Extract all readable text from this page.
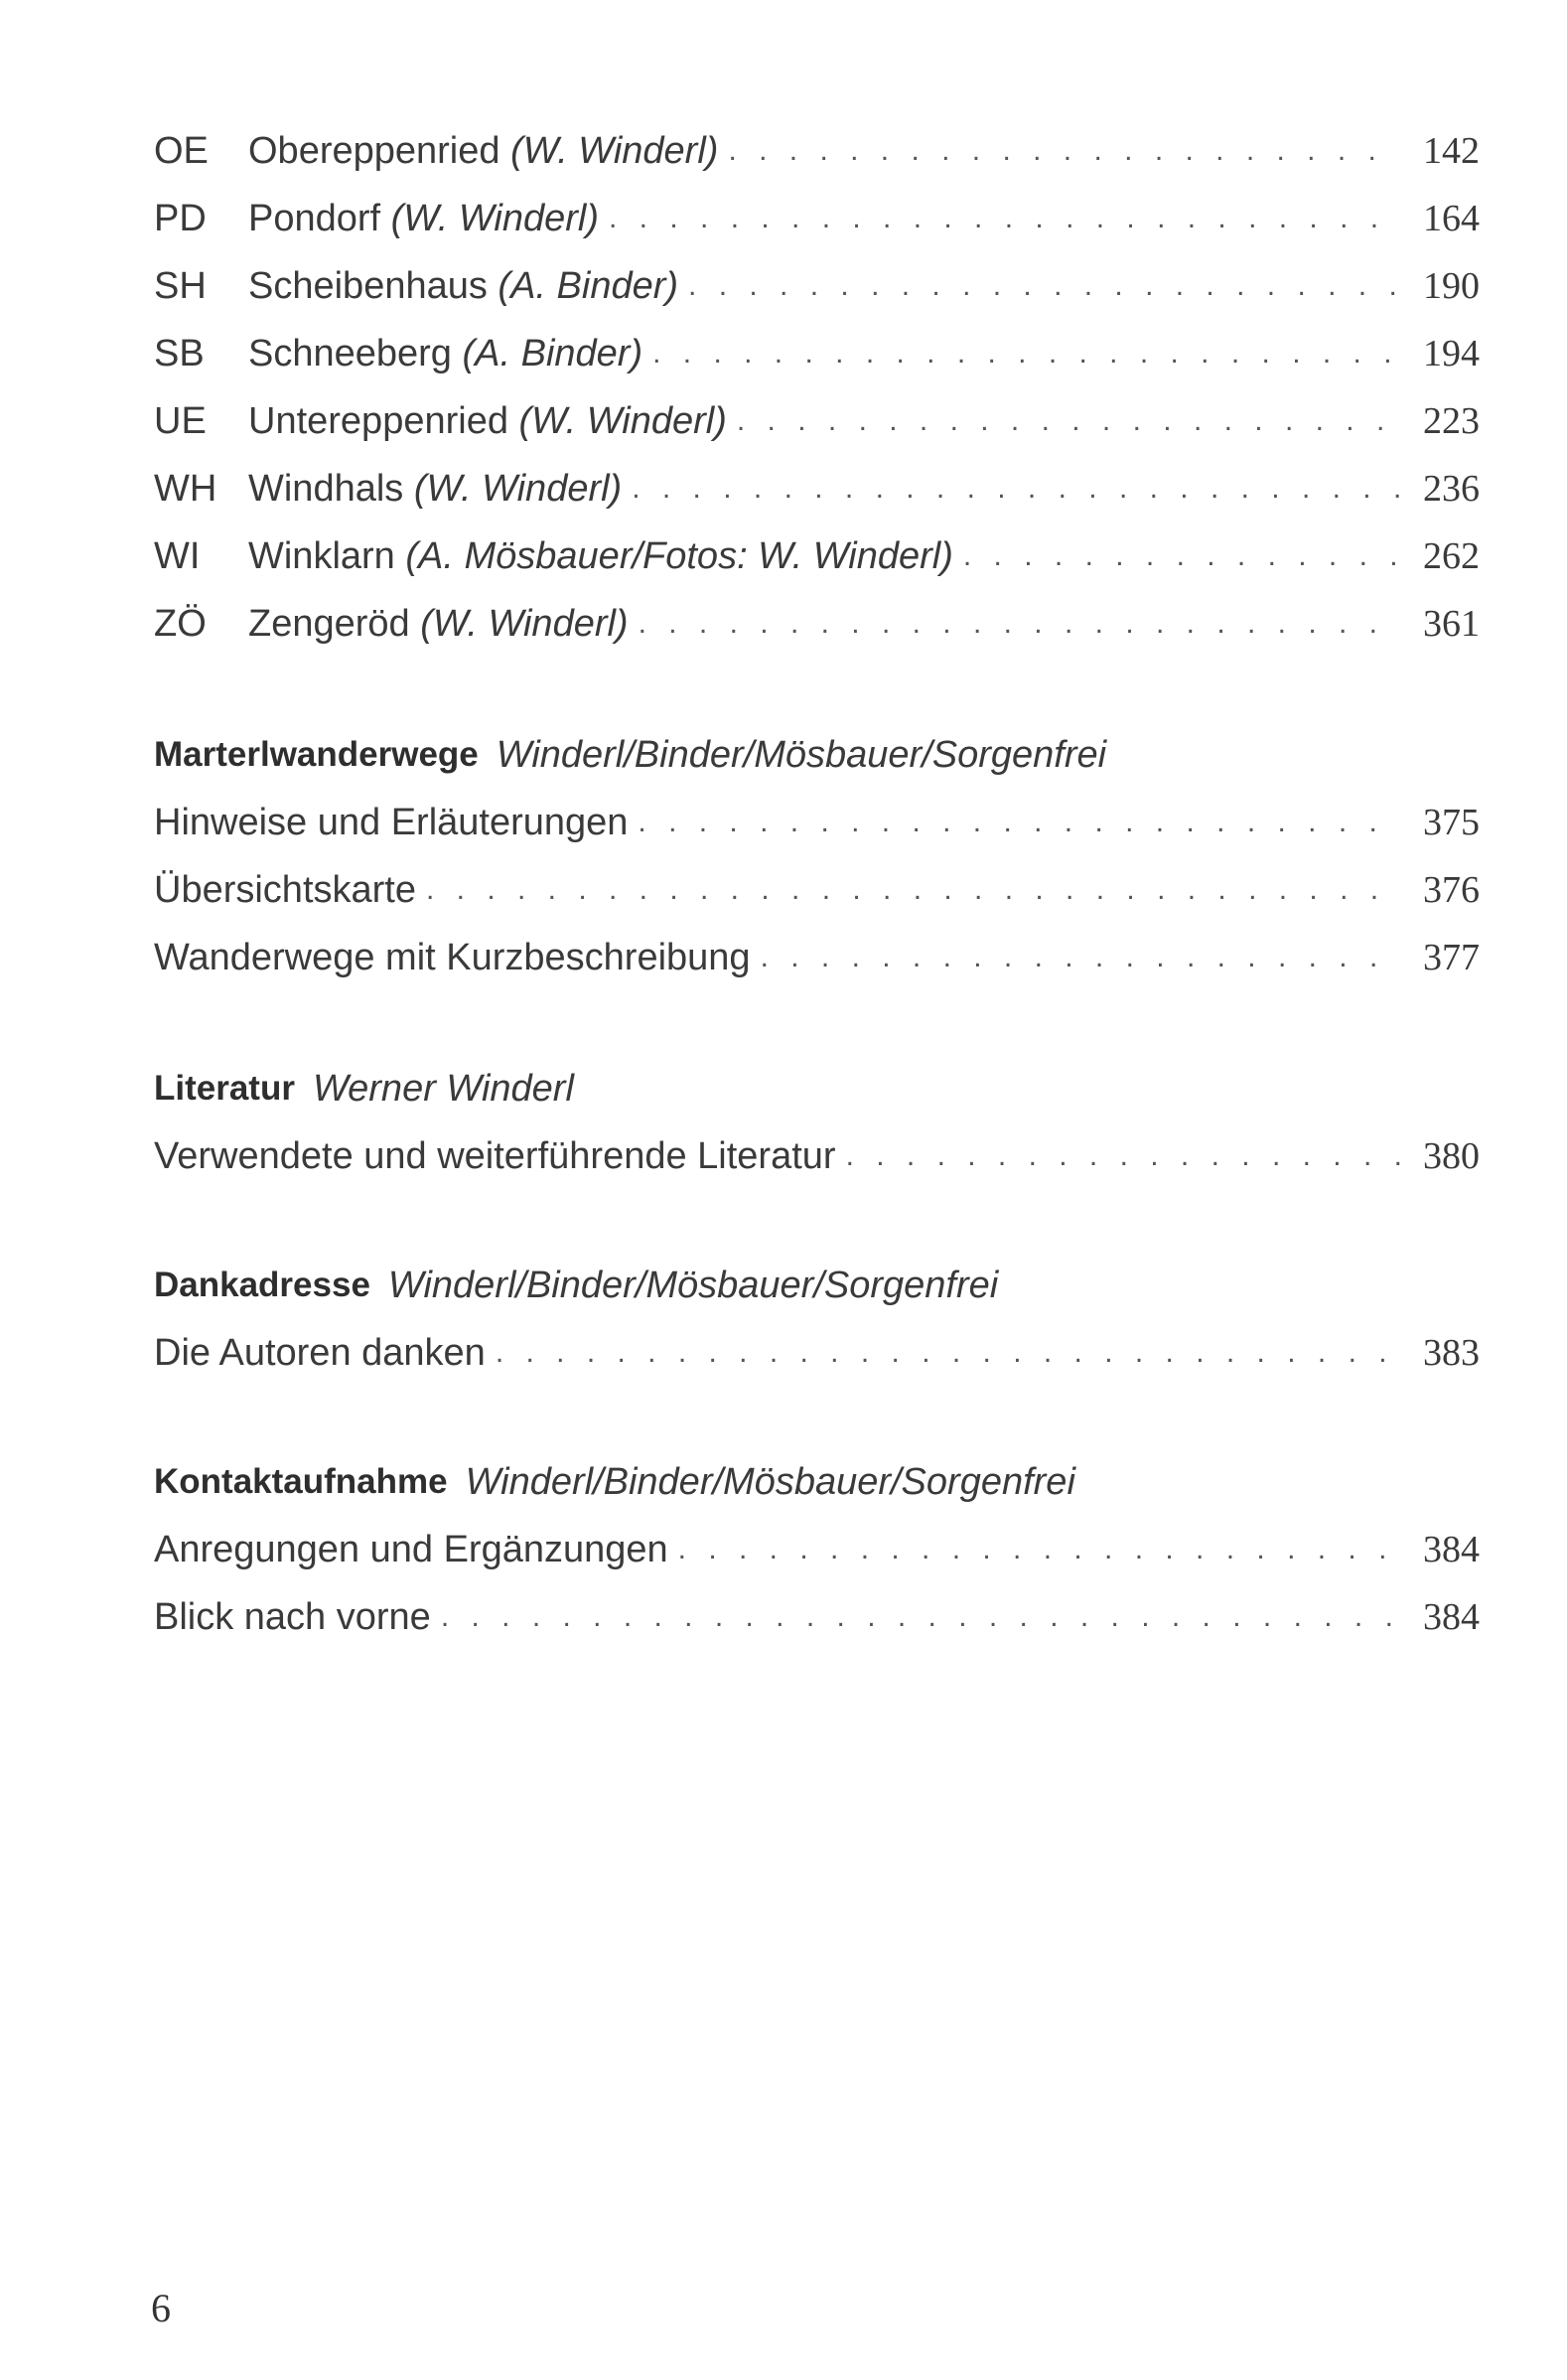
OE	Obereppenried (W. Winderl) . . .	142
PD	Pondorf (W. Winderl) . . .	164
SH	Scheibenhaus (A. Binder) . . .	190
SB	Schneeberg (A. Binder) . . .	194
UE	Untereppenried (W. Winderl) . . .	223
WH Windhals (W. Winderl) . . .	236
WI	Winklarn (A. Mösbauer/Fotos: W. Winderl) . . .	262
ZÖ	Zengeröd (W. Winderl) . . .	361
Marterlwanderwege Winderl/Binder/Mösbauer/Sorgenfrei
Hinweise und Erläuterungen . . .	375
Übersichtskarte . . .	376
Wanderwege mit Kurzbeschreibung . . .	377
Literatur Werner Winderl
Verwendete und weiterführende Literatur . . .	380
Dankadresse Winderl/Binder/Mösbauer/Sorgenfrei
Die Autoren danken . . .	383
Kontaktaufnahme Winderl/Binder/Mösbauer/Sorgenfrei
Anregungen und Ergänzungen . . .	384
Blick nach vorne . . .	384
6
